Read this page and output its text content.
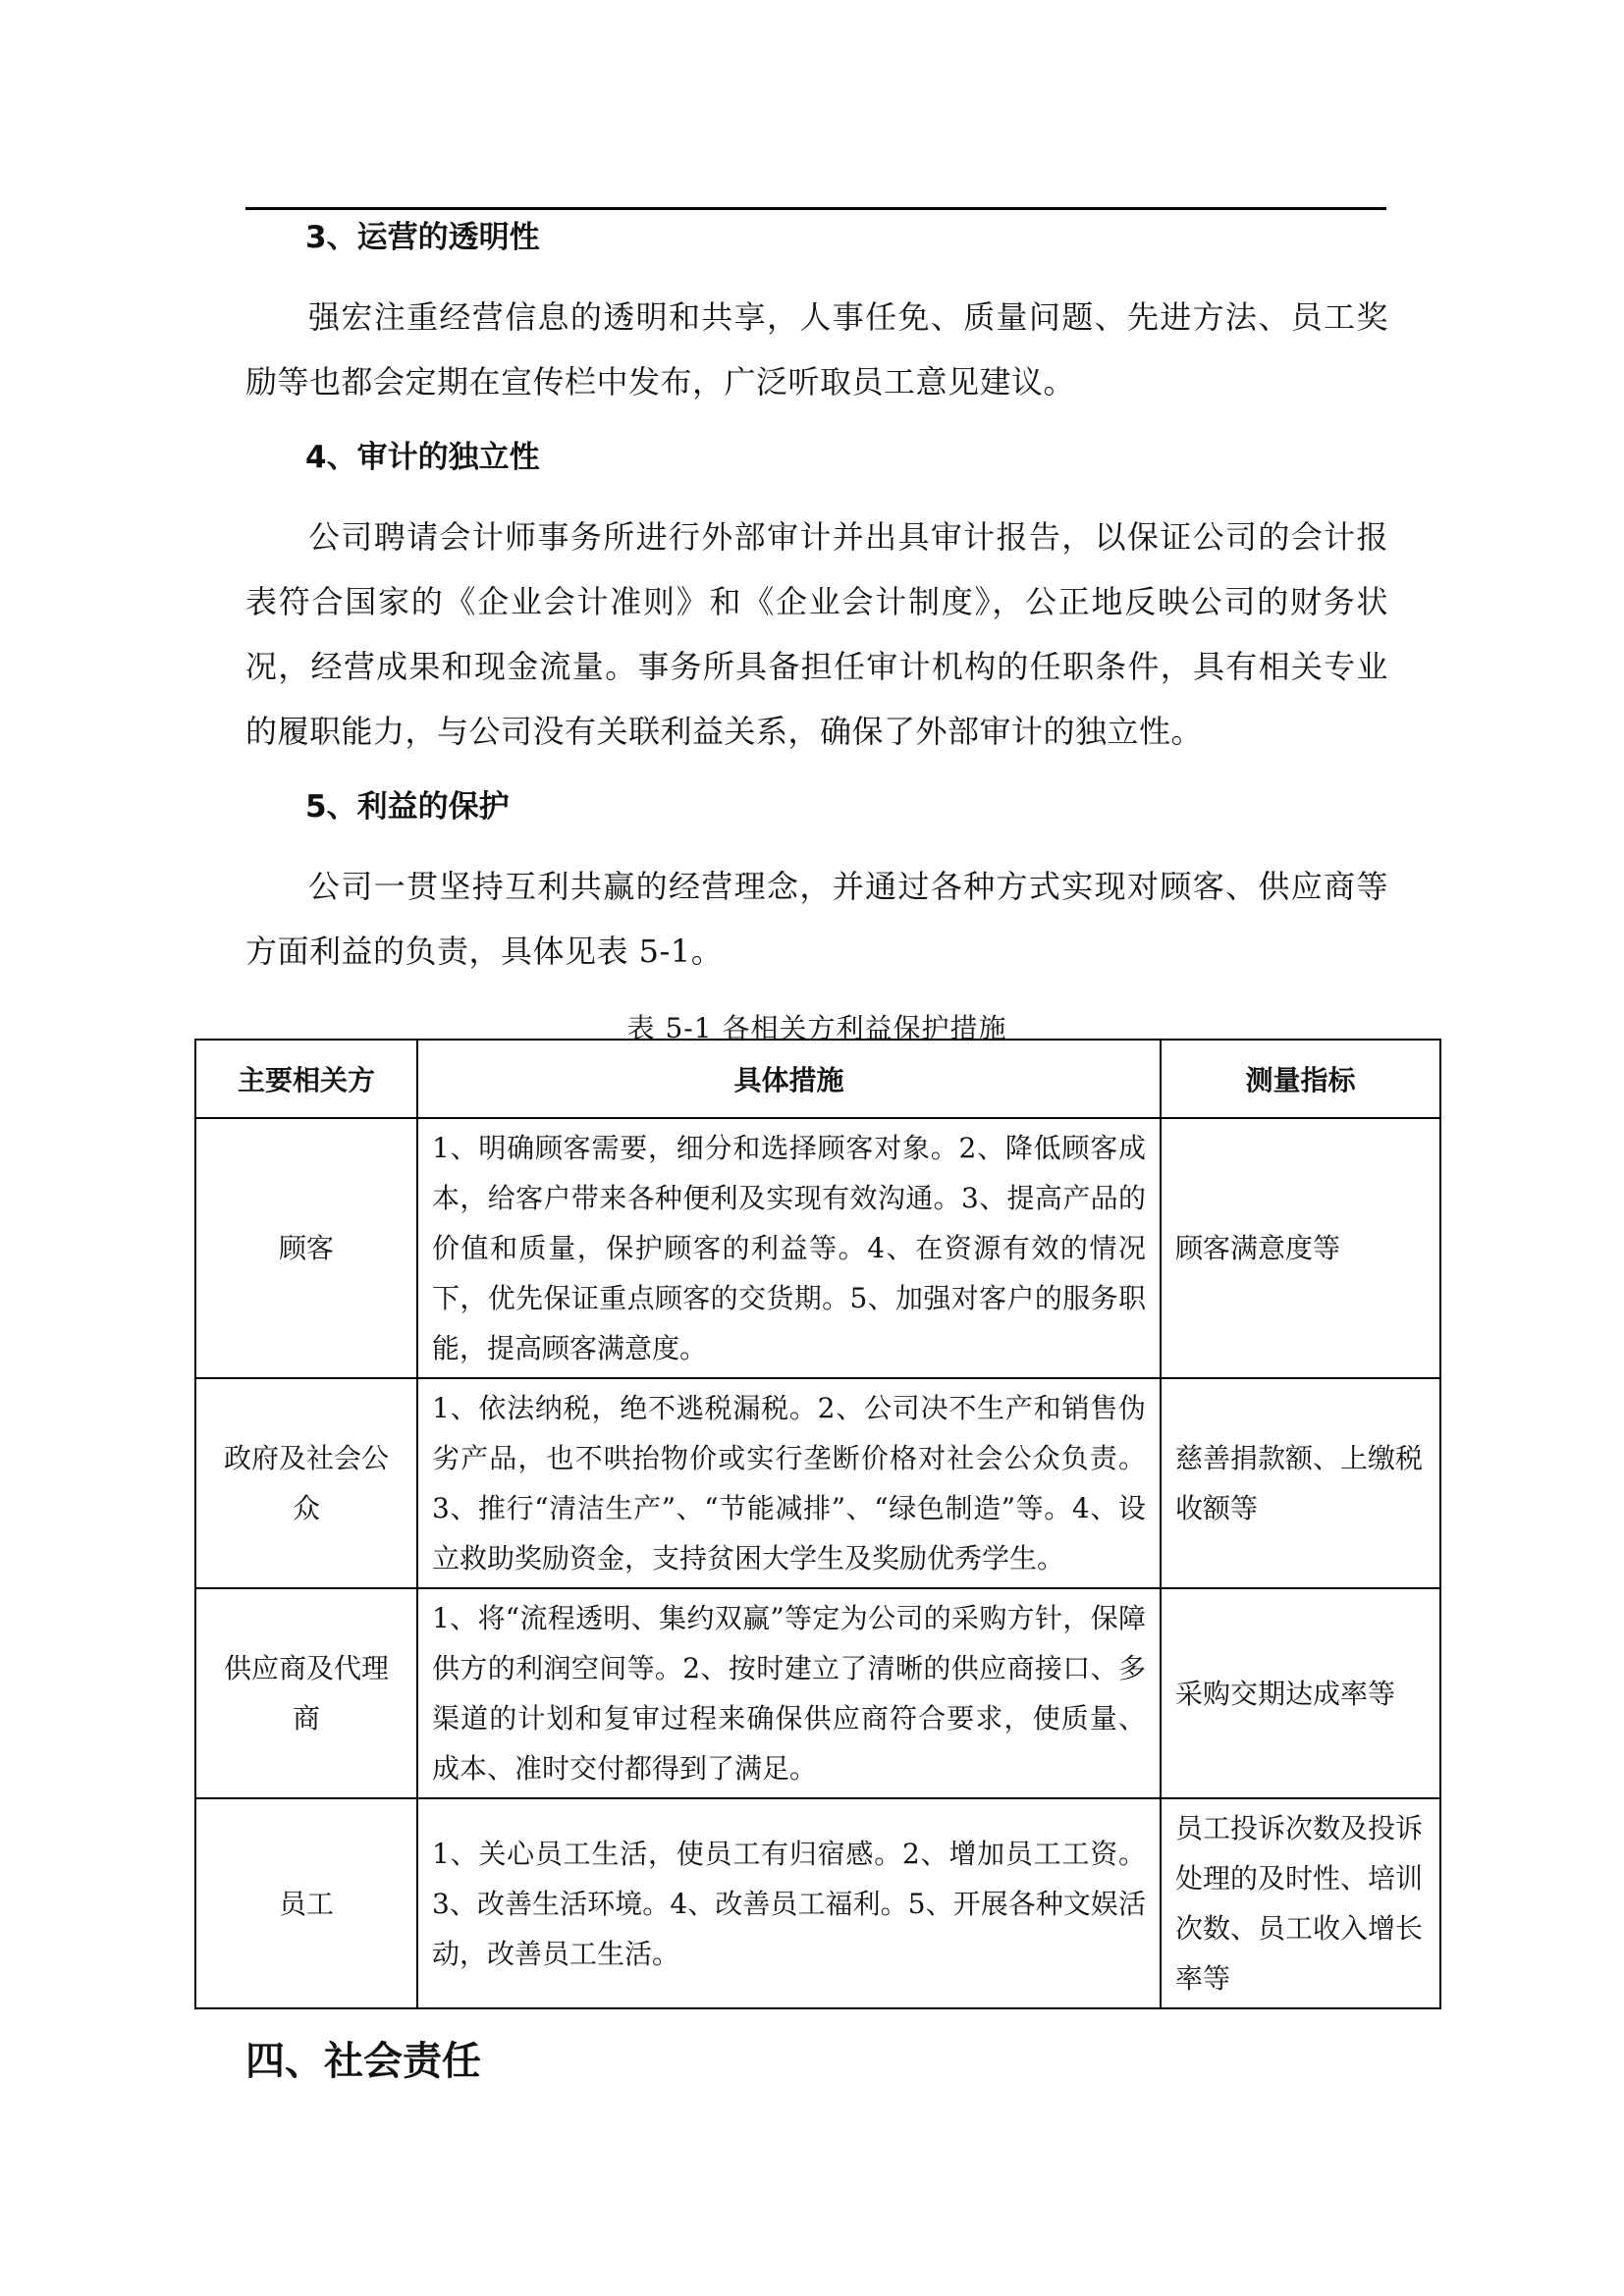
3、运营的透明性

强宏注重经营信息的透明和共享，人事任免、质量问题、先进方法、员工奖励等也都会定期在宣传栏中发布，广泛听取员工意见建议。

4、审计的独立性

公司聘请会计师事务所进行外部审计并出具审计报告，以保证公司的会计报表符合国家的《企业会计准则》和《企业会计制度》，公正地反映公司的财务状况，经营成果和现金流量。事务所具备担任审计机构的任职条件，具有相关专业的履职能力，与公司没有关联利益关系，确保了外部审计的独立性。

5、利益的保护

公司一贯坚持互利共赢的经营理念，并通过各种方式实现对顾客、供应商等方面利益的负责，具体见表 5-1。

表 5-1 各相关方利益保护措施

主要相关方	具体措施	测量指标
顾客	1、明确顾客需要，细分和选择顾客对象。2、降低顾客成本，给客户带来各种便利及实现有效沟通。3、提高产品的价值和质量，保护顾客的利益等。4、在资源有效的情况下，优先保证重点顾客的交货期。5、加强对客户的服务职能，提高顾客满意度。	顾客满意度等
政府及社会公众	1、依法纳税，绝不逃税漏税。2、公司决不生产和销售伪劣产品，也不哄抬物价或实行垄断价格对社会公众负责。3、推行“清洁生产”、“节能减排”、“绿色制造”等。4、设立救助奖励资金，支持贫困大学生及奖励优秀学生。	慈善捐款额、上缴税收额等
供应商及代理商	1、将“流程透明、集约双赢”等定为公司的采购方针，保障供方的利润空间等。2、按时建立了清晰的供应商接口、多渠道的计划和复审过程来确保供应商符合要求，使质量、成本、准时交付都得到了满足。	采购交期达成率等
员工	1、关心员工生活，使员工有归宿感。2、增加员工工资。3、改善生活环境。4、改善员工福利。5、开展各种文娱活动，改善员工生活。	员工投诉次数及投诉处理的及时性、培训次数、员工收入增长率等

四、社会责任
